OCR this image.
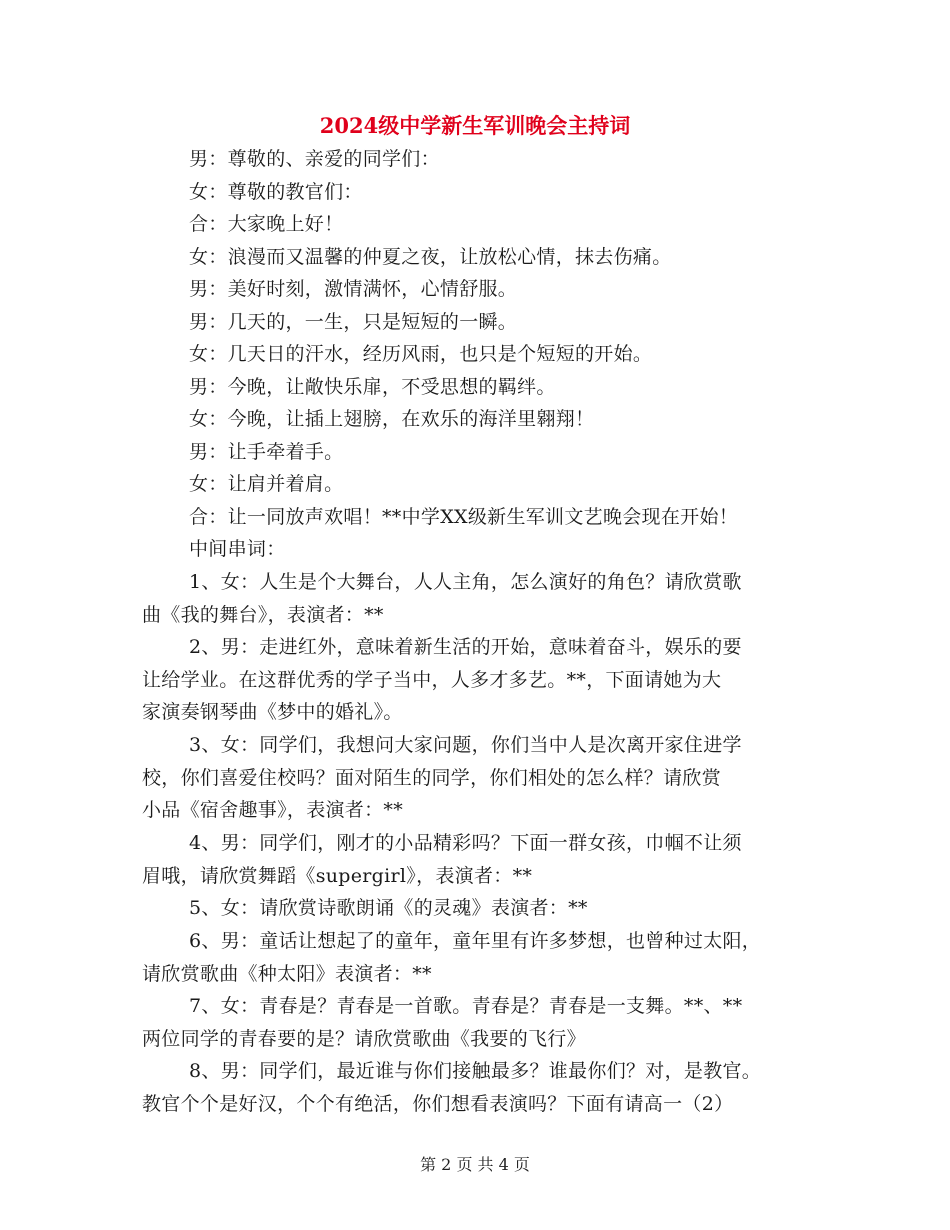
2024级中学新生军训晚会主持词
男：尊敬的、亲爱的同学们：
女：尊敬的教官们：
合：大家晚上好！
女：浪漫而又温馨的仲夏之夜，让放松心情，抹去伤痛。
男：美好时刻，激情满怀，心情舒服。
男：几天的，一生，只是短短的一瞬。
女：几天日的汗水，经历风雨，也只是个短短的开始。
男：今晚，让敞快乐扉，不受思想的羁绊。
女：今晚，让插上翅膀，在欢乐的海洋里翱翔！
男：让手牵着手。
女：让肩并着肩。
合：让一同放声欢唱！**中学XX级新生军训文艺晚会现在开始！
中间串词：
1、女：人生是个大舞台，人人主角，怎么演好的角色？请欣赏歌
曲《我的舞台》，表演者：**
2、男：走进红外，意味着新生活的开始，意味着奋斗，娱乐的要
让给学业。在这群优秀的学子当中，人多才多艺。**，下面请她为大
家演奏钢琴曲《梦中的婚礼》。
3、女：同学们，我想问大家问题，你们当中人是次离开家住进学
校，你们喜爱住校吗？面对陌生的同学，你们相处的怎么样？请欣赏
小品《宿舍趣事》，表演者：**
4、男：同学们，刚才的小品精彩吗？下面一群女孩，巾帼不让须
眉哦，请欣赏舞蹈《supergirl》，表演者：**
5、女：请欣赏诗歌朗诵《的灵魂》表演者：**
6、男：童话让想起了的童年，童年里有许多梦想，也曾种过太阳，
请欣赏歌曲《种太阳》表演者：**
7、女：青春是？青春是一首歌。青春是？青春是一支舞。**、**
两位同学的青春要的是？请欣赏歌曲《我要的飞行》
8、男：同学们，最近谁与你们接触最多？谁最你们？对，是教官。
教官个个是好汉，个个有绝活，你们想看表演吗？下面有请高一（2）
第 2 页 共 4 页
